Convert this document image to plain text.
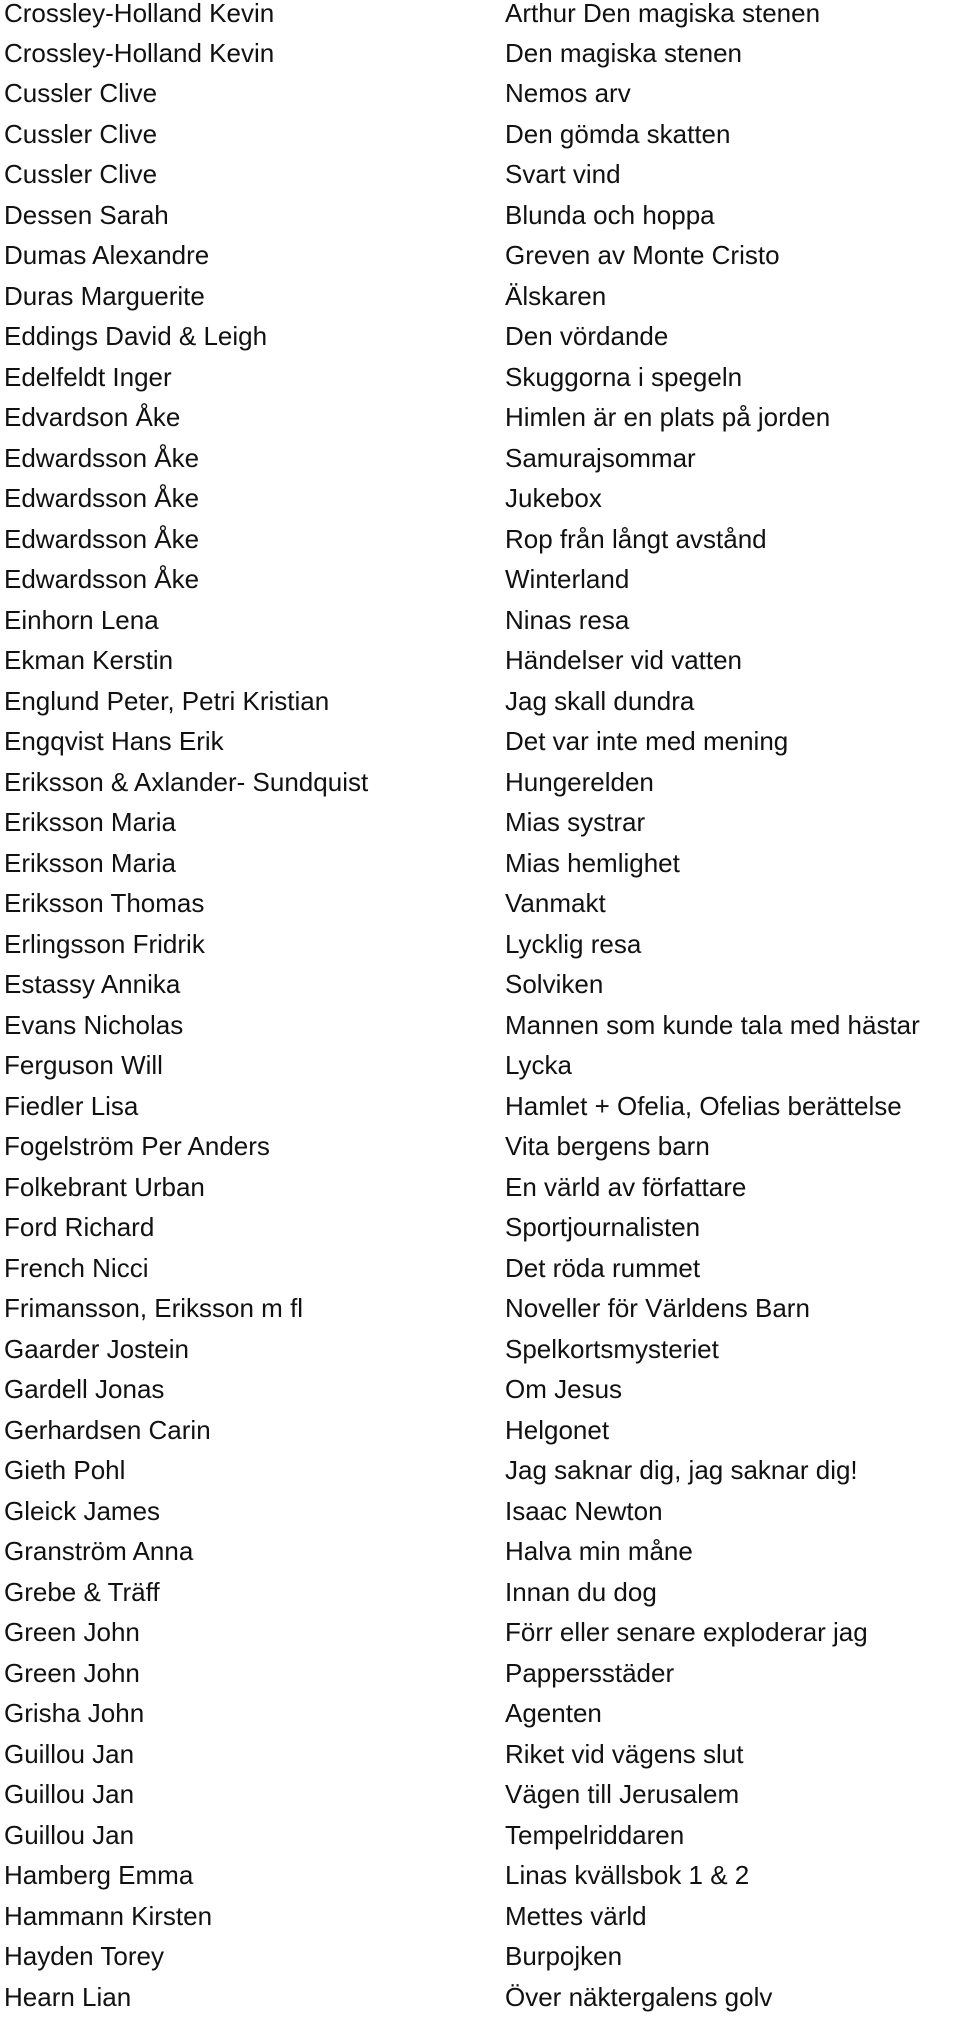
Crossley-Holland Kevin	Arthur Den magiska stenen
Crossley-Holland Kevin	Den magiska stenen
Cussler Clive	Nemos arv
Cussler Clive	Den gömda skatten
Cussler Clive	Svart vind
Dessen Sarah	Blunda och hoppa
Dumas Alexandre	Greven av Monte Cristo
Duras Marguerite	Älskaren
Eddings David & Leigh	Den vördande
Edelfeldt Inger	Skuggorna i spegeln
Edvardson Åke	Himlen är en plats på jorden
Edwardsson Åke	Samurajsommar
Edwardsson Åke	Jukebox
Edwardsson Åke	Rop från långt avstånd
Edwardsson Åke	Winterland
Einhorn Lena	Ninas resa
Ekman Kerstin	Händelser vid vatten
Englund Peter, Petri Kristian	Jag skall dundra
Engqvist Hans Erik	Det var inte med mening
Eriksson & Axlander- Sundquist	Hungerelden
Eriksson Maria	Mias systrar
Eriksson Maria	Mias hemlighet
Eriksson Thomas	Vanmakt
Erlingsson Fridrik	Lycklig resa
Estassy Annika	Solviken
Evans Nicholas	Mannen som kunde tala med hästar
Ferguson Will	Lycka
Fiedler Lisa	Hamlet + Ofelia, Ofelias berättelse
Fogelström Per Anders	Vita bergens barn
Folkebrant Urban	En värld av författare
Ford Richard	Sportjournalisten
French Nicci	Det röda rummet
Frimansson, Eriksson m fl	Noveller för Världens Barn
Gaarder Jostein	Spelkortsmysteriet
Gardell Jonas	Om Jesus
Gerhardsen Carin	Helgonet
Gieth Pohl	Jag saknar dig, jag saknar dig!
Gleick James	Isaac Newton
Granström Anna	Halva min måne
Grebe & Träff	Innan du dog
Green John	Förr eller senare exploderar jag
Green John	Pappersstäder
Grisha John	Agenten
Guillou Jan	Riket vid vägens slut
Guillou Jan	Vägen till Jerusalem
Guillou Jan	Tempelriddaren
Hamberg Emma	Linas kvällsbok 1 & 2
Hammann Kirsten	Mettes värld
Hayden Torey	Burpojken
Hearn Lian	Över näktergalens golv
